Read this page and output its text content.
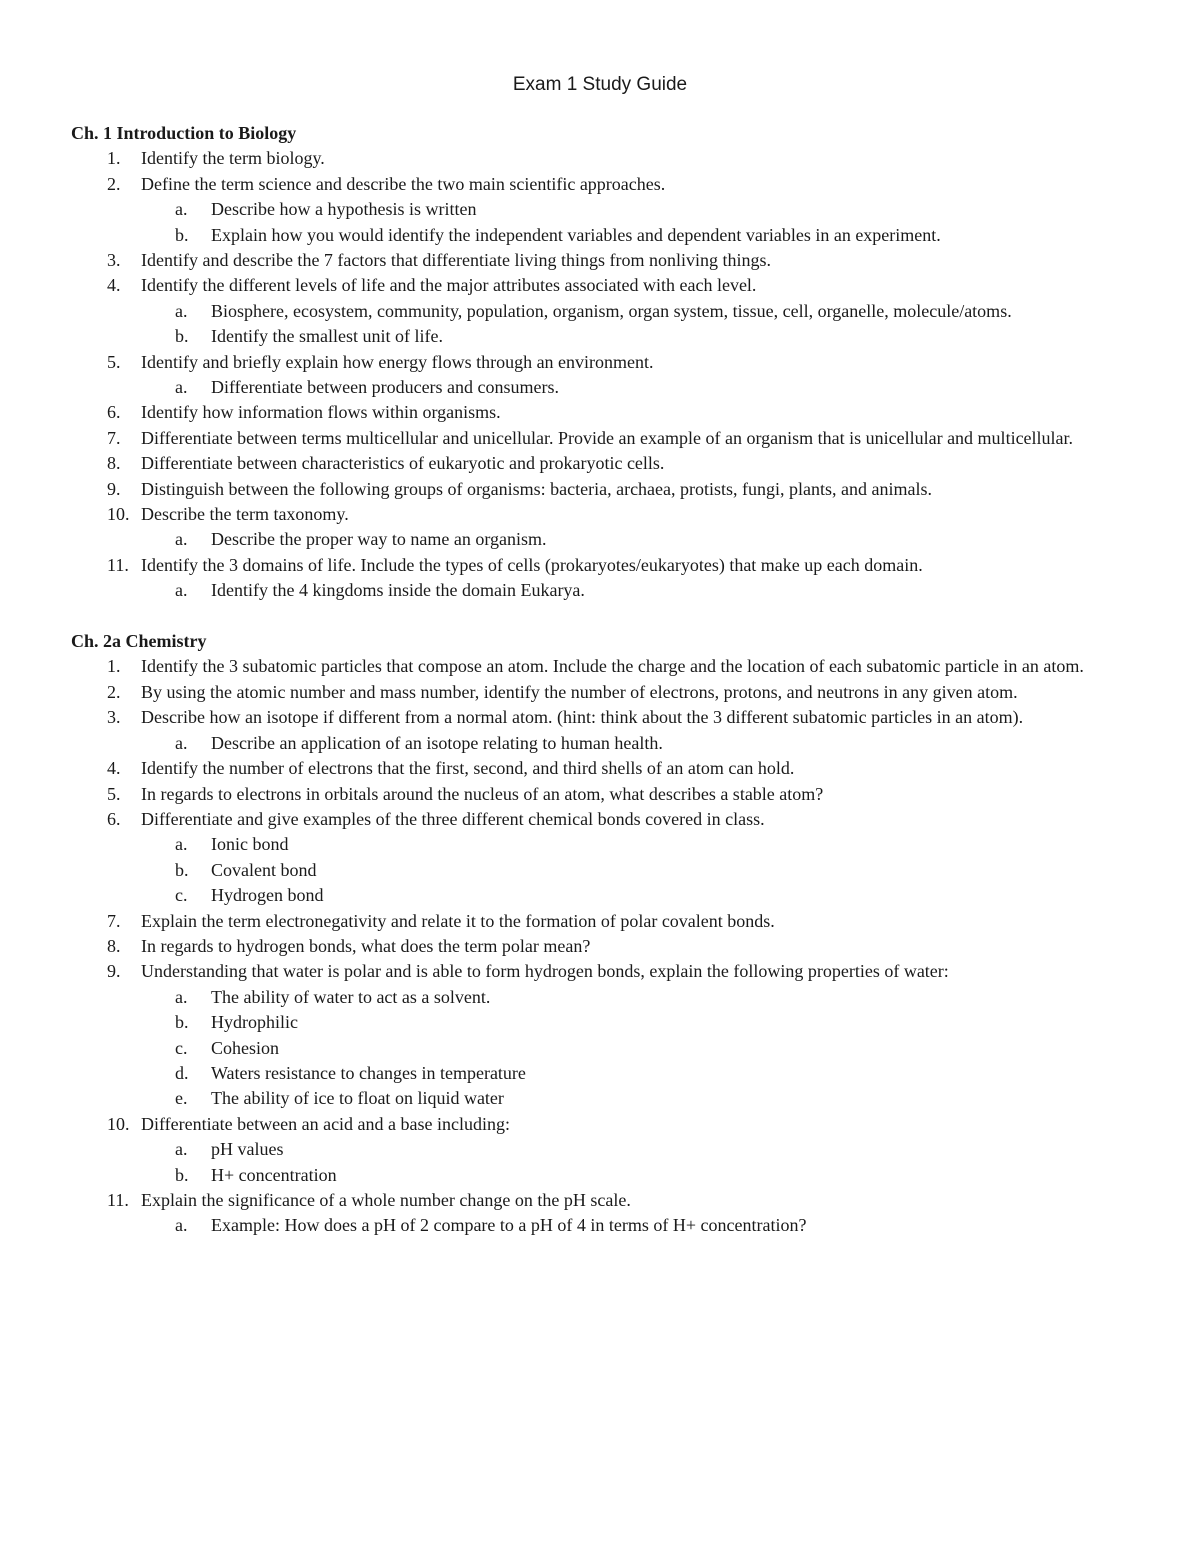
Exam 1 Study Guide
Ch. 1 Introduction to Biology
1.	Identify the term biology.
2.	Define the term science and describe the two main scientific approaches.
a. Describe how a hypothesis is written
b. Explain how you would identify the independent variables and dependent variables in an experiment.
3.	Identify and describe the 7 factors that differentiate living things from nonliving things.
4.	Identify the different levels of life and the major attributes associated with each level.
a. Biosphere, ecosystem, community, population, organism, organ system, tissue, cell, organelle, molecule/atoms.
b. Identify the smallest unit of life.
5.	Identify and briefly explain how energy flows through an environment.
a. Differentiate between producers and consumers.
6.	Identify how information flows within organisms.
7.	Differentiate between terms multicellular and unicellular. Provide an example of an organism that is unicellular and multicellular.
8.	Differentiate between characteristics of eukaryotic and prokaryotic cells.
9.	Distinguish between the following groups of organisms: bacteria, archaea, protists, fungi, plants, and animals.
10. Describe the term taxonomy.
a. Describe the proper way to name an organism.
11. Identify the 3 domains of life. Include the types of cells (prokaryotes/eukaryotes) that make up each domain.
a. Identify the 4 kingdoms inside the domain Eukarya.
Ch. 2a Chemistry
1.	Identify the 3 subatomic particles that compose an atom. Include the charge and the location of each subatomic particle in an atom.
2.	By using the atomic number and mass number, identify the number of electrons, protons, and neutrons in any given atom.
3.	Describe how an isotope if different from a normal atom. (hint: think about the 3 different subatomic particles in an atom).
a. Describe an application of an isotope relating to human health.
4.	Identify the number of electrons that the first, second, and third shells of an atom can hold.
5.	In regards to electrons in orbitals around the nucleus of an atom, what describes a stable atom?
6.	Differentiate and give examples of the three different chemical bonds covered in class.
a. Ionic bond
b. Covalent bond
c. Hydrogen bond
7.	Explain the term electronegativity and relate it to the formation of polar covalent bonds.
8.	In regards to hydrogen bonds, what does the term polar mean?
9.	Understanding that water is polar and is able to form hydrogen bonds, explain the following properties of water:
a. The ability of water to act as a solvent.
b. Hydrophilic
c. Cohesion
d. Waters resistance to changes in temperature
e. The ability of ice to float on liquid water
10. Differentiate between an acid and a base including:
a. pH values
b. H+ concentration
11. Explain the significance of a whole number change on the pH scale.
a. Example: How does a pH of 2 compare to a pH of 4 in terms of H+ concentration?
